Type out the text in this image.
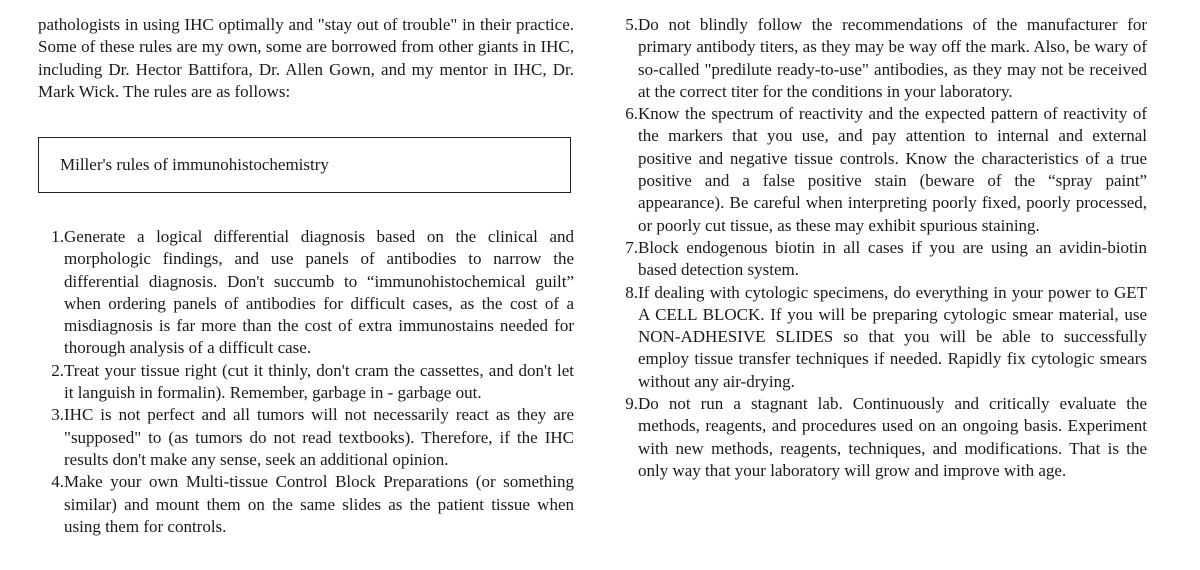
pathologists in using IHC optimally and "stay out of trouble" in their practice. Some of these rules are my own, some are borrowed from other giants in IHC, including Dr. Hector Battifora, Dr. Allen Gown, and my mentor in IHC, Dr. Mark Wick. The rules are as follows:

Miller's rules of immunohistochemistry
1. Generate a logical differential diagnosis based on the clinical and morphologic findings, and use panels of antibodies to narrow the differential diagnosis. Don't succumb to “immunohistochemical guilt” when ordering panels of antibodies for difficult cases, as the cost of a misdiagnosis is far more than the cost of extra immunostains needed for thorough analysis of a difficult case.
2. Treat your tissue right (cut it thinly, don't cram the cassettes, and don't let it languish in formalin). Remember, garbage in - garbage out.
3. IHC is not perfect and all tumors will not necessarily react as they are "supposed" to (as tumors do not read textbooks). Therefore, if the IHC results don't make any sense, seek an additional opinion.
4. Make your own Multi-tissue Control Block Preparations (or something similar) and mount them on the same slides as the patient tissue when using them for controls.
5. Do not blindly follow the recommendations of the manufacturer for primary antibody titers, as they may be way off the mark. Also, be wary of so-called "predilute ready-to-use" antibodies, as they may not be received at the correct titer for the conditions in your laboratory.
6. Know the spectrum of reactivity and the expected pattern of reactivity of the markers that you use, and pay attention to internal and external positive and negative tissue controls. Know the characteristics of a true positive and a false positive stain (beware of the “spray paint” appearance). Be careful when interpreting poorly fixed, poorly processed, or poorly cut tissue, as these may exhibit spurious staining.
7. Block endogenous biotin in all cases if you are using an avidin-biotin based detection system.
8. If dealing with cytologic specimens, do everything in your power to GET A CELL BLOCK. If you will be preparing cytologic smear material, use NON-ADHESIVE SLIDES so that you will be able to successfully employ tissue transfer techniques if needed. Rapidly fix cytologic smears without any air-drying.
9. Do not run a stagnant lab. Continuously and critically evaluate the methods, reagents, and procedures used on an ongoing basis. Experiment with new methods, reagents, techniques, and modifications. That is the only way that your laboratory will grow and improve with age.
